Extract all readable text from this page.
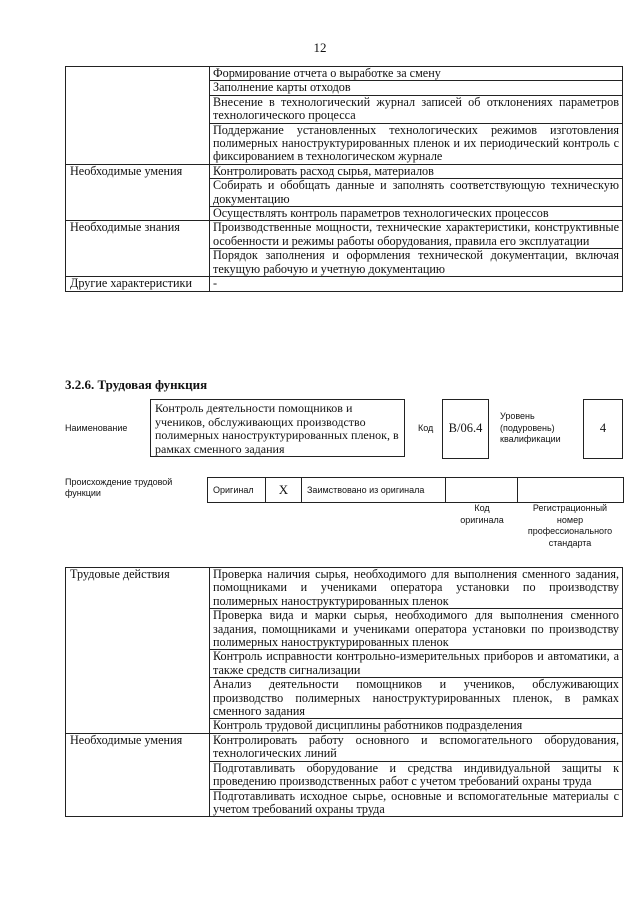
12
	Формирование отчета о выработке за смену
	Заполнение карты отходов
	Внесение в технологический журнал записей об отклонениях параметров технологического процесса
	Поддержание установленных технологических режимов изготовления полимерных наноструктурированных пленок и их периодический контроль с фиксированием в технологическом журнале
Необходимые умения	Контролировать расход сырья, материалов
	Собирать и обобщать данные и заполнять соответствующую техническую документацию
	Осуществлять контроль параметров технологических процессов
Необходимые знания	Производственные мощности, технические характеристики, конструктивные особенности и режимы работы оборудования, правила его эксплуатации
	Порядок заполнения и оформления технической документации, включая текущую рабочую и учетную документацию
Другие характеристики	-
3.2.6. Трудовая функция
Наименование
Контроль деятельности помощников и учеников, обслуживающих производство полимерных наноструктурированных пленок, в рамках сменного задания
Код	B/06.4
Уровень (подуровень) квалификации
4
Происхождение трудовой функции	Оригинал	X	Заимствовано из оригинала		
Код оригинала
Регистрационный номер профессионального стандарта
Трудовые действия	Проверка наличия сырья, необходимого для выполнения сменного задания, помощниками и учениками оператора установки по производству полимерных наноструктурированных пленок
	Проверка вида и марки сырья, необходимого для выполнения сменного задания, помощниками и учениками оператора установки по производству полимерных наноструктурированных пленок
	Контроль исправности контрольно-измерительных приборов и автоматики, а также средств сигнализации
	Анализ деятельности помощников и учеников, обслуживающих производство полимерных наноструктурированных пленок, в рамках сменного задания
	Контроль трудовой дисциплины работников подразделения
Необходимые умения	Контролировать работу основного и вспомогательного оборудования, технологических линий
	Подготавливать оборудование и средства индивидуальной защиты к проведению производственных работ с учетом требований охраны труда
	Подготавливать исходное сырье, основные и вспомогательные материалы с учетом требований охраны труда
